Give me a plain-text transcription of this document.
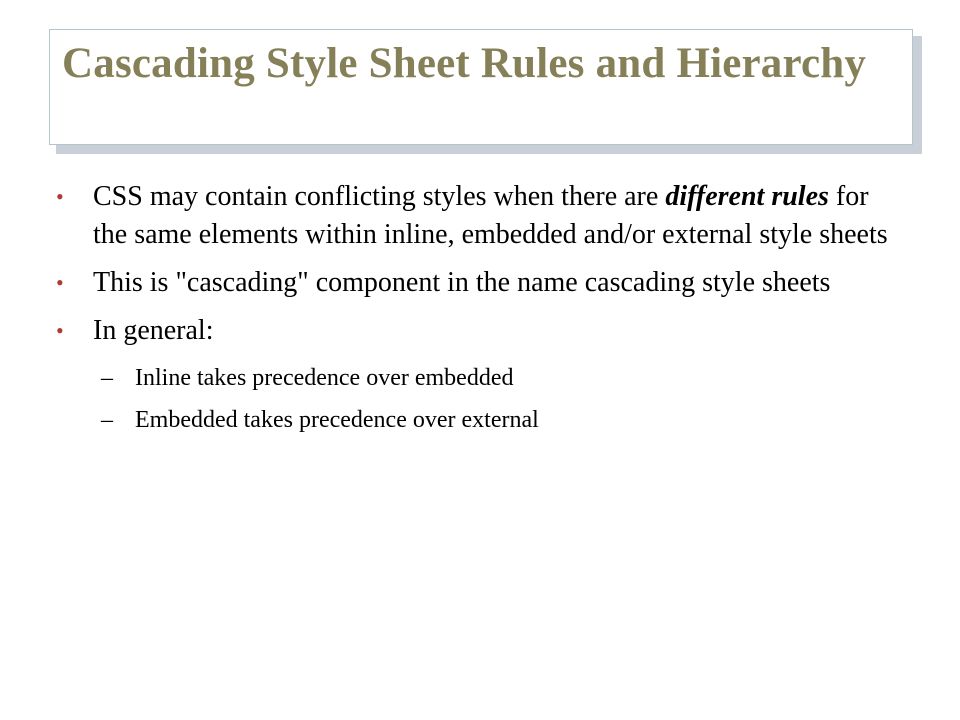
Cascading Style Sheet Rules and Hierarchy
• CSS may contain conflicting styles when there are different rules for the same elements within inline, embedded and/or external style sheets
• This is "cascading" component in the name cascading style sheets
• In general:
– Inline takes precedence over embedded
– Embedded takes precedence over external
